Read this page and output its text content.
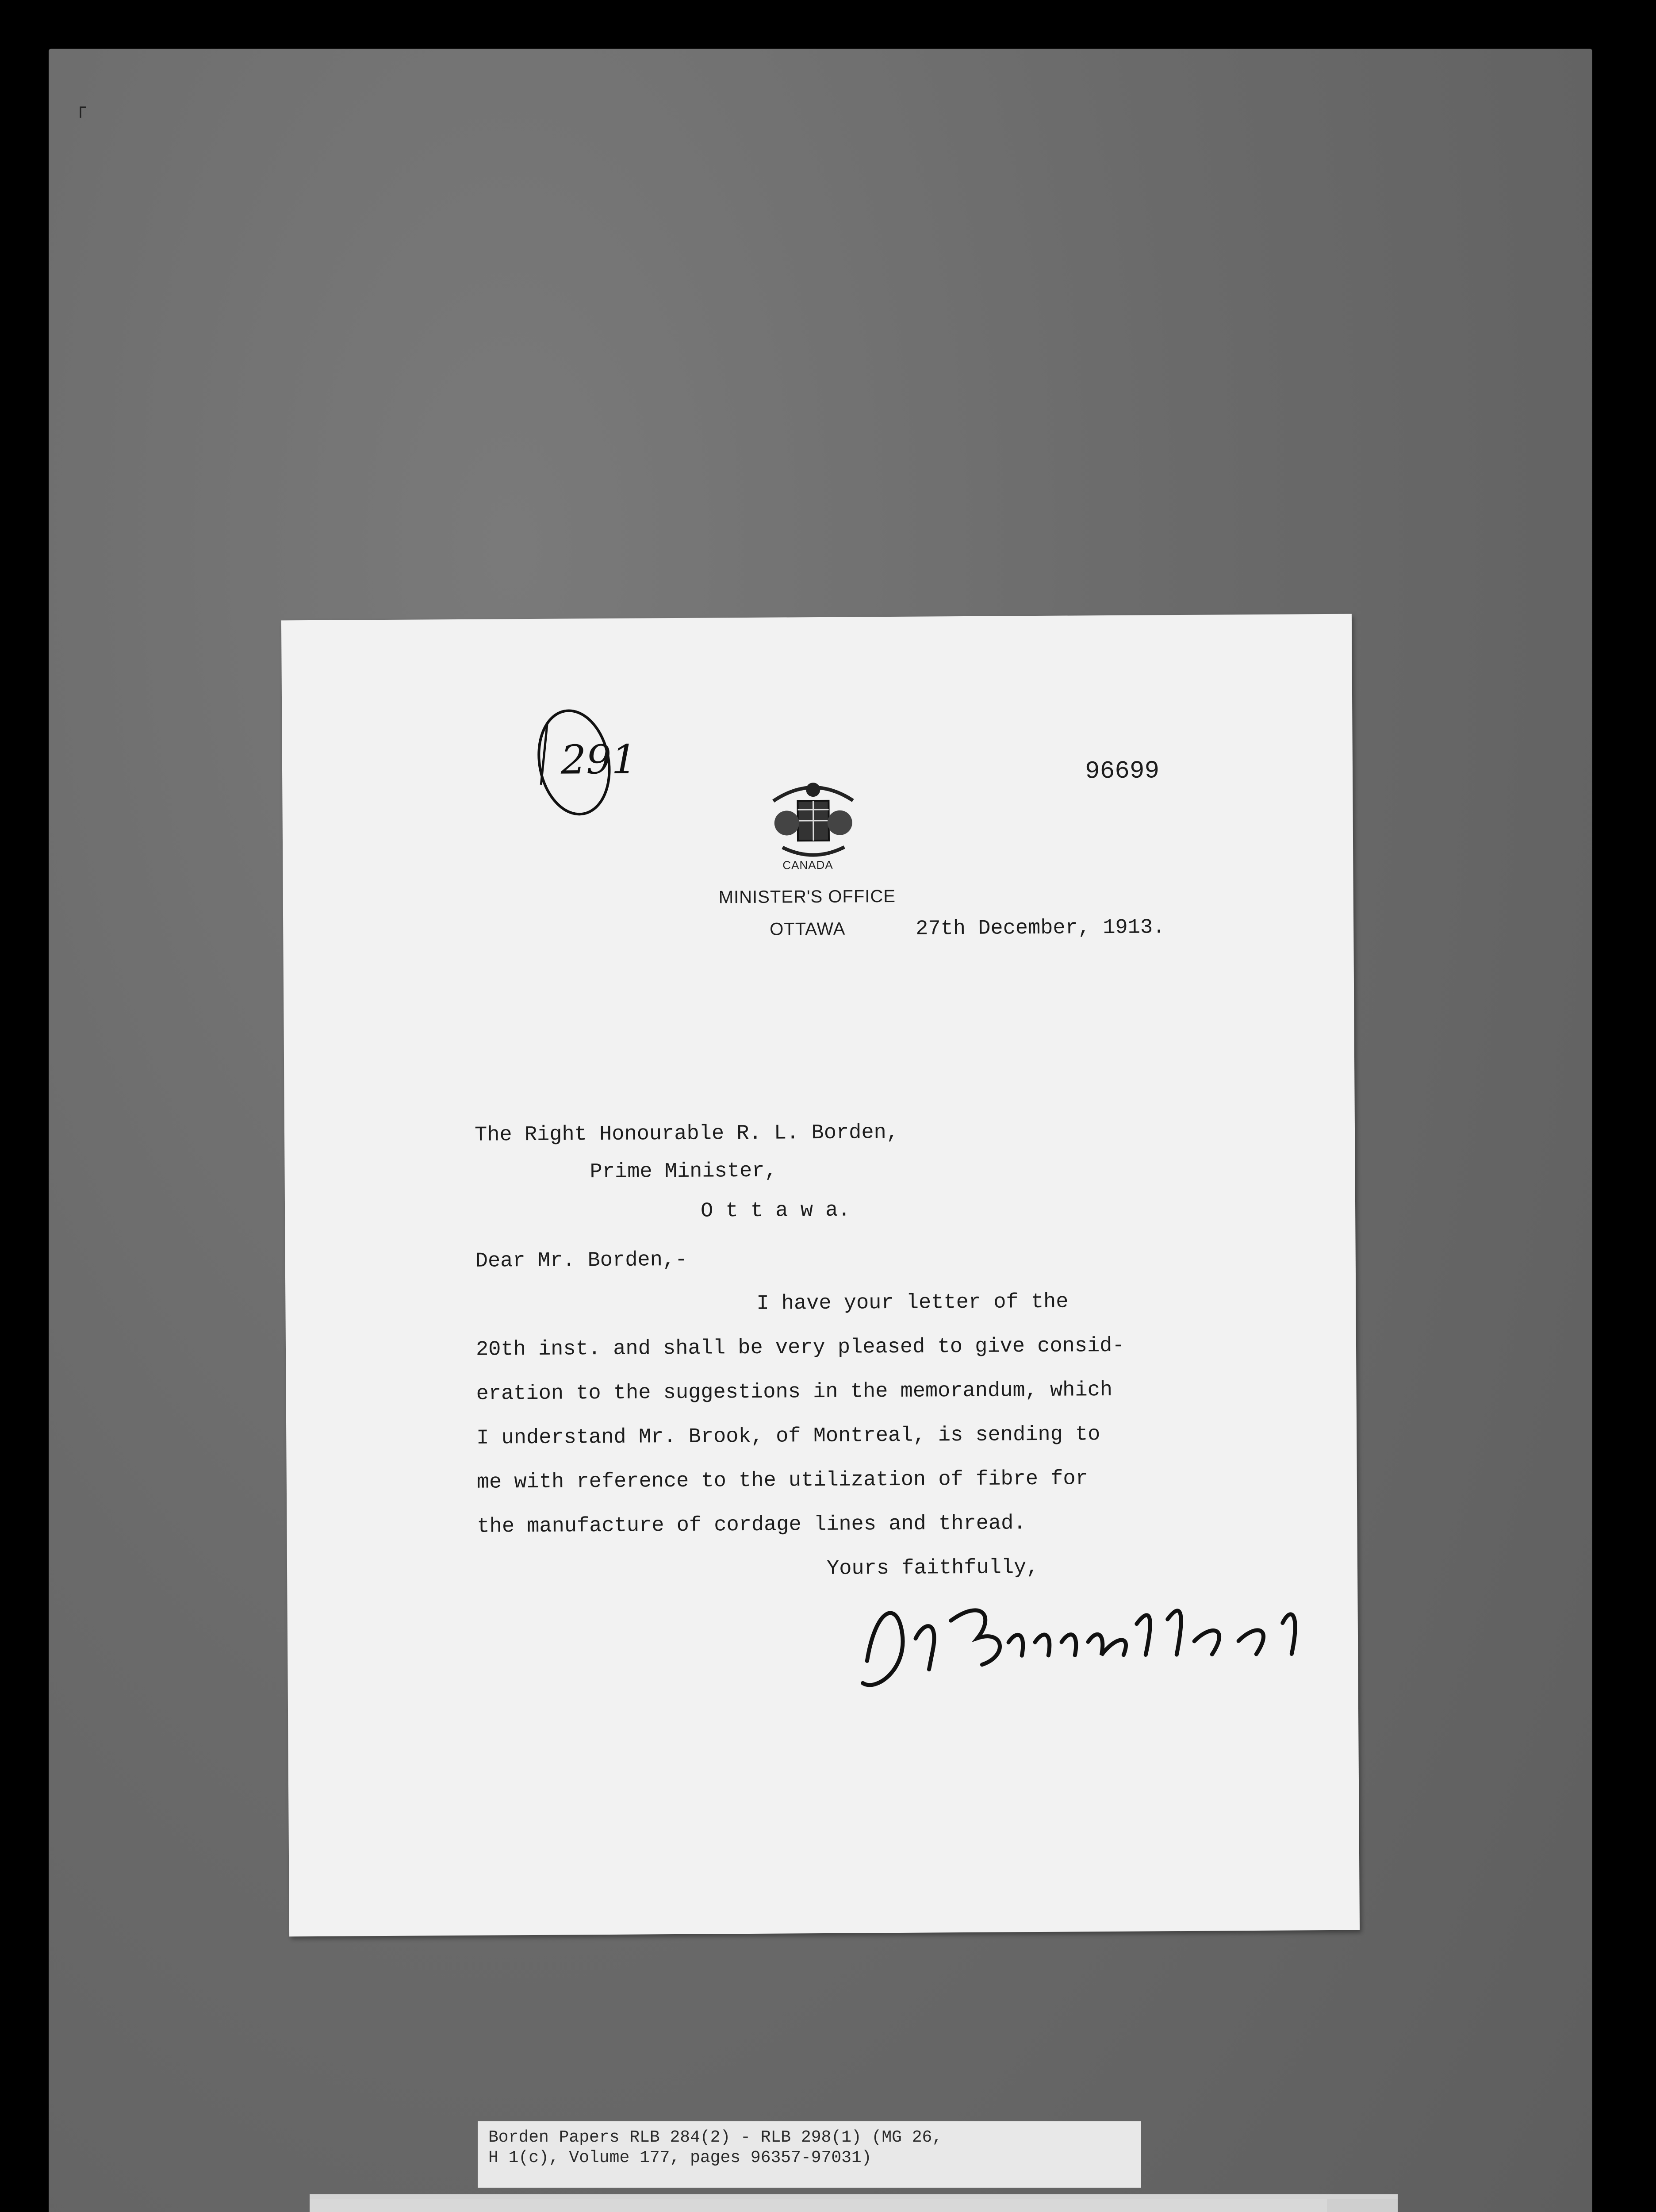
┌
291	96699
CANADA
MINISTER'S OFFICE
OTTAWA	27th December, 1913.
The Right Honourable R. L. Borden,
Prime Minister,
O t t a w a.
Dear Mr. Borden,-
I have your letter of the
20th inst. and shall be very pleased to give consid-
eration to the suggestions in the memorandum, which
I understand Mr. Brook, of Montreal, is sending to
me with reference to the utilization of fibre for
the manufacture of cordage lines and thread.
Yours faithfully,
Borden Papers RLB 284(2) - RLB 298(1) (MG 26,
H 1(c), Volume 177, pages 96357-97031)
